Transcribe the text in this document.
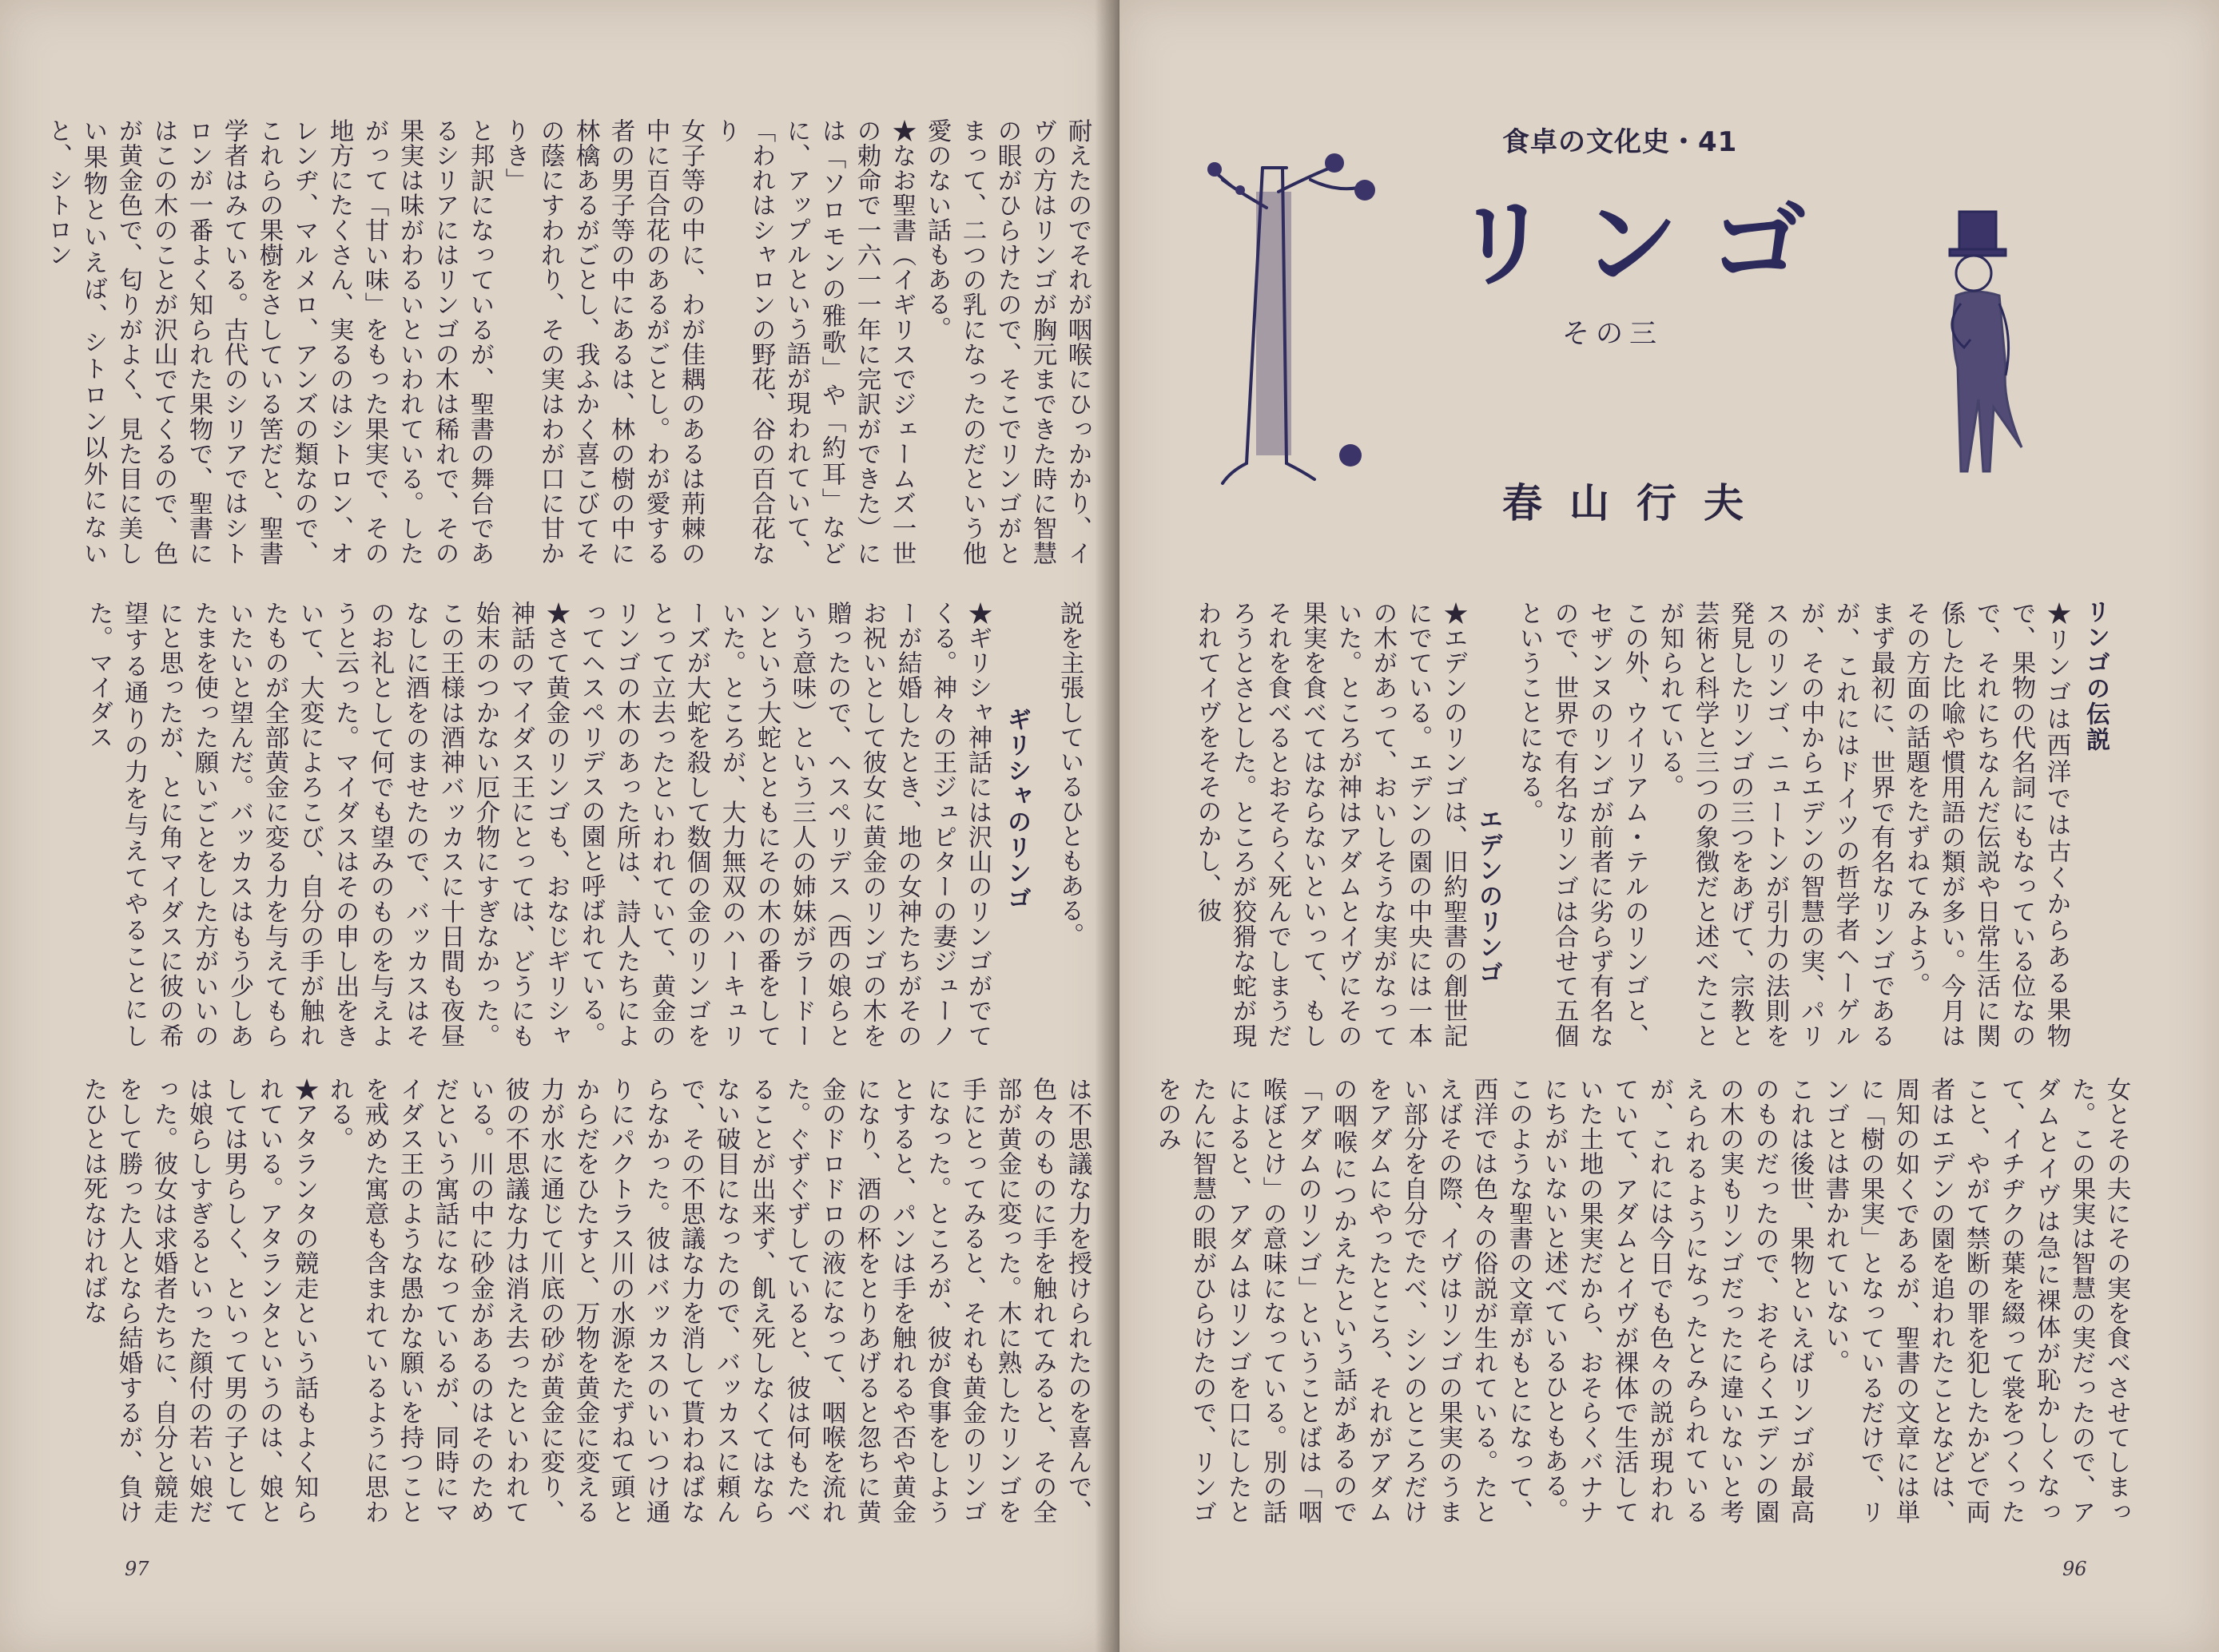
耐えたのでそれが咽喉にひっかかり、イヴの方はリンゴが胸元まできた時に智慧の眼がひらけたので、そこでリンゴがとまって、二つの乳になったのだという他愛のない話もある。
★なお聖書（イギリスでジェームズ一世の勅命で一六一一年に完訳ができた）には「ソロモンの雅歌」や「約耳」などに、アップルという語が現われていて、
「われはシャロンの野花、谷の百合花なり
女子等の中に、わが佳耦のあるは荊棘の中に百合花のあるがごとし。わが愛する者の男子等の中にあるは、林の樹の中に林檎あるがごとし、我ふかく喜こびてその蔭にすわれり、その実はわが口に甘かりき」
と邦訳になっているが、聖書の舞台であるシリアにはリンゴの木は稀れで、その果実は味がわるいといわれている。したがって「甘い味」をもった果実で、その地方にたくさん、実るのはシトロン、オレンヂ、マルメロ、アンズの類なので、これらの果樹をさしている筈だと、聖書学者はみている。古代のシリアではシトロンが一番よく知られた果物で、聖書にはこの木のことが沢山でてくるので、色が黄金色で、匂りがよく、見た目に美しい果物といえば、シトロン以外にないと、シトロン
説を主張しているひともある。
ギリシャのリンゴ
★ギリシャ神話には沢山のリンゴがでてくる。神々の王ジュピターの妻ジューノーが結婚したとき、地の女神たちがそのお祝いとして彼女に黄金のリンゴの木を贈ったので、ヘスペリデス（西の娘らという意味）という三人の姉妹がラードーンという大蛇とともにその木の番をしていた。ところが、大力無双のハーキュリーズが大蛇を殺して数個の金のリンゴをとって立去ったといわれていて、黄金のリンゴの木のあった所は、詩人たちによってヘスペリデスの園と呼ばれている。
★さて黄金のリンゴも、おなじギリシャ神話のマイダス王にとっては、どうにも始末のつかない厄介物にすぎなかった。この王様は酒神バッカスに十日間も夜昼なしに酒をのませたので、バッカスはそのお礼として何でも望みのものを与えようと云った。マイダスはその申し出をきいて、大変によろこび、自分の手が触れたものが全部黄金に変る力を与えてもらいたいと望んだ。バッカスはもう少しあたまを使った願いごとをした方がいいのにと思ったが、とに角マイダスに彼の希望する通りの力を与えてやることにした。マイダス
は不思議な力を授けられたのを喜んで、色々のものに手を触れてみると、その全部が黄金に変った。木に熟したリンゴを手にとってみると、それも黄金のリンゴになった。ところが、彼が食事をしようとすると、パンは手を触れるや否や黄金になり、酒の杯をとりあげると忽ちに黄金のドロドロの液になって、咽喉を流れた。ぐずぐずしていると、彼は何もたべることが出来ず、飢え死しなくてはならない破目になったので、バッカスに頼んで、その不思議な力を消して貰わねばならなかった。彼はバッカスのいいつけ通りにパクトラス川の水源をたずねて頭とからだをひたすと、万物を黄金に変える力が水に通じて川底の砂が黄金に変り、彼の不思議な力は消え去ったといわれている。川の中に砂金があるのはそのためだという寓話になっているが、同時にマイダス王のような愚かな願いを持つことを戒めた寓意も含まれているように思われる。
★アタランタの競走という話もよく知られている。アタランタというのは、娘としては男らしく、といって男の子としては娘らしすぎるといった顔付の若い娘だった。彼女は求婚者たちに、自分と競走をして勝った人となら結婚するが、負けたひとは死なければな
97	96
食卓の文化史・41
リンゴ
その三
春山行夫
リンゴの伝説
★リンゴは西洋では古くからある果物で、果物の代名詞にもなっている位なので、それにちなんだ伝説や日常生活に関係した比喩や慣用語の類が多い。今月はその方面の話題をたずねてみよう。
まず最初に、世界で有名なリンゴであるが、これにはドイツの哲学者ヘーゲルが、その中からエデンの智慧の実、パリスのリンゴ、ニュートンが引力の法則を発見したリンゴの三つをあげて、宗教と芸術と科学と三つの象徴だと述べたことが知られている。
この外、ウイリアム・テルのリンゴと、セザンヌのリンゴが前者に劣らず有名なので、世界で有名なリンゴは合せて五個ということになる。
エデンのリンゴ
★エデンのリンゴは、旧約聖書の創世記にでている。エデンの園の中央には一本の木があって、おいしそうな実がなっていた。ところが神はアダムとイヴにその果実を食べてはならないといって、もしそれを食べるとおそらく死んでしまうだろうとさとした。ところが狡猾な蛇が現われてイヴをそそのかし、彼
女とその夫にその実を食べさせてしまった。この果実は智慧の実だったので、アダムとイヴは急に裸体が恥かしくなって、イチヂクの葉を綴って裳をつくったこと、やがて禁断の罪を犯したかどで両者はエデンの園を追われたことなどは、周知の如くであるが、聖書の文章には単に「樹の果実」となっているだけで、リンゴとは書かれていない。
これは後世、果物といえばリンゴが最高のものだったので、おそらくエデンの園の木の実もリンゴだったに違いないと考えられるようになったとみられているが、これには今日でも色々の説が現われていて、アダムとイヴが裸体で生活していた土地の果実だから、おそらくバナナにちがいないと述べているひともある。
このような聖書の文章がもとになって、西洋では色々の俗説が生れている。たとえばその際、イヴはリンゴの果実のうまい部分を自分でたべ、シンのところだけをアダムにやったところ、それがアダムの咽喉につかえたという話があるので「アダムのリンゴ」ということばは「咽喉ぼとけ」の意味になっている。別の話によると、アダムはリンゴを口にしたとたんに智慧の眼がひらけたので、リンゴをのみ
